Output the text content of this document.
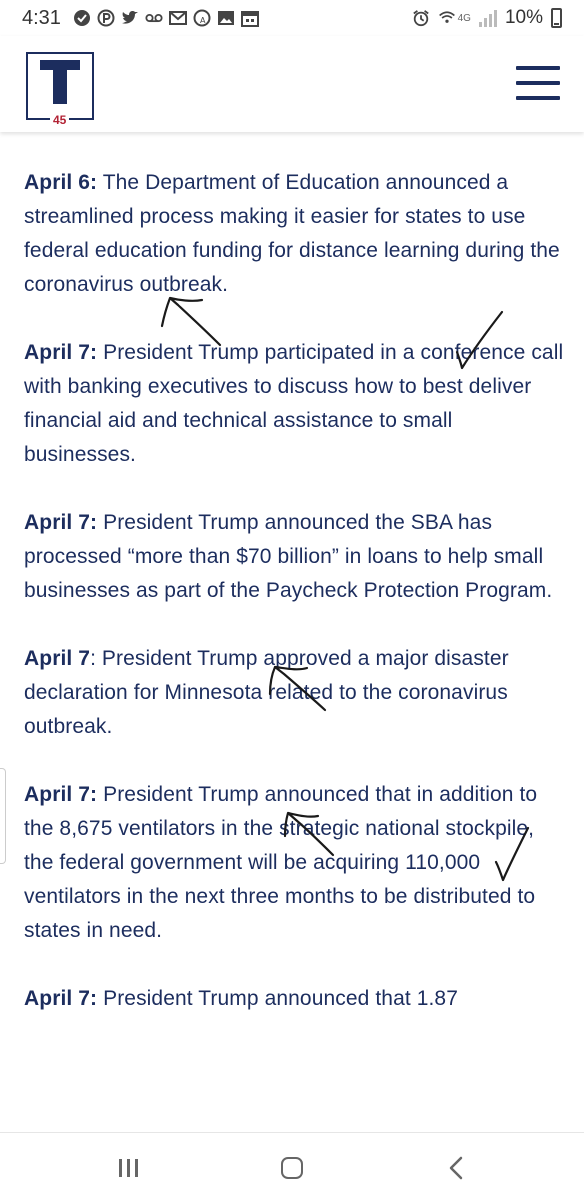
4:31	A	4G 10%
45

April 6: The Department of Education announced a streamlined process making it easier for states to use federal education funding for distance learning during the coronavirus outbreak.

April 7: President Trump participated in a conference call with banking executives to discuss how to best deliver financial aid and technical assistance to small businesses.

April 7: President Trump announced the SBA has processed “more than $70 billion” in loans to help small businesses as part of the Paycheck Protection Program.

April 7: President Trump approved a major disaster declaration for Minnesota related to the coronavirus outbreak.

April 7: President Trump announced that in addition to the 8,675 ventilators in the strategic national stockpile, the federal government will be acquiring 110,000 ventilators in the next three months to be distributed to states in need.

April 7: President Trump announced that 1.87
